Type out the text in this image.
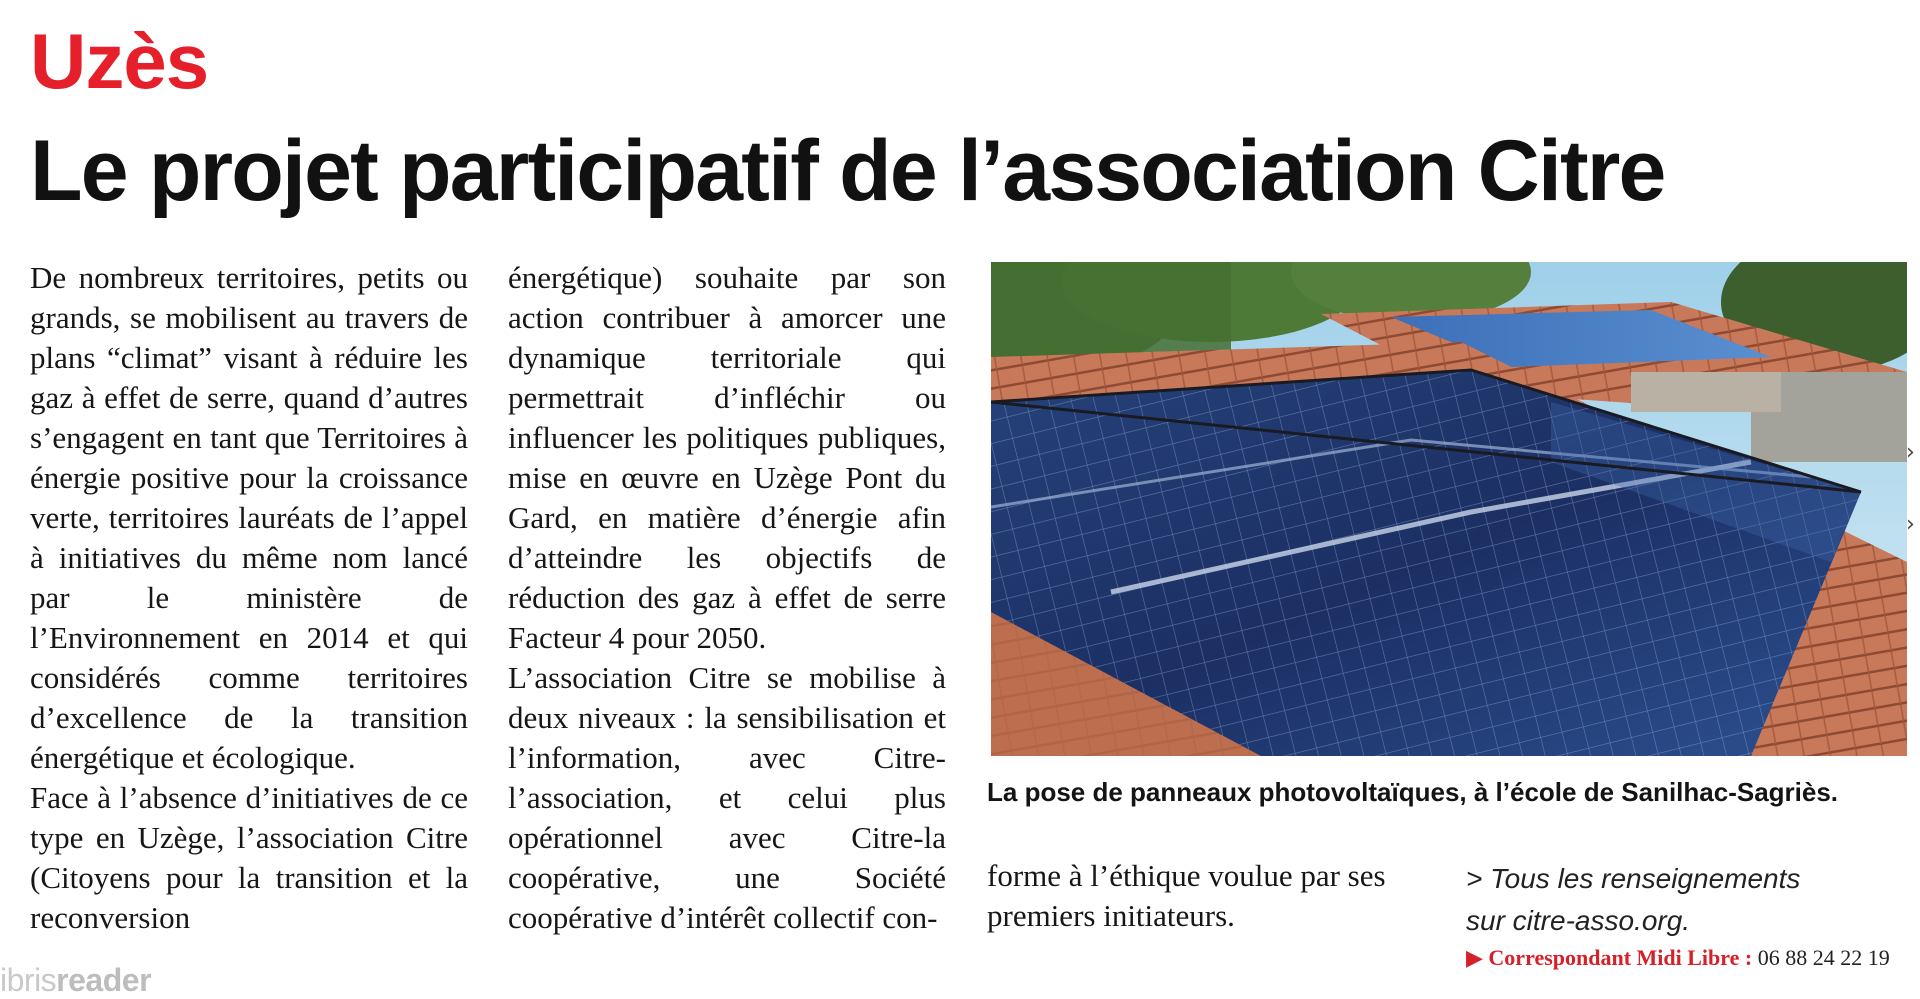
Uzès
Le projet participatif de l’association Citre

De nombreux territoires, petits ou grands, se mobilisent au travers de plans “climat” visant à réduire les gaz à effet de serre, quand d’autres s’engagent en tant que Territoires à énergie positive pour la croissance verte, territoires lauréats de l’appel à initiatives du même nom lancé par le ministère de l’Environnement en 2014 et qui considérés comme territoires d’excellence de la transition énergétique et écologique.

Face à l’absence d’initiatives de ce type en Uzège, l’association Citre (Citoyens pour la transition et la reconversion

énergétique) souhaite par son action contribuer à amorcer une dynamique territoriale qui permettrait d’infléchir ou influencer les politiques publiques, mise en œuvre en Uzège Pont du Gard, en matière d’énergie afin d’atteindre les objectifs de réduction des gaz à effet de serre Facteur 4 pour 2050.

L’association Citre se mobilise à deux niveaux : la sensibilisation et l’information, avec Citre-l’association, et celui plus opérationnel avec Citre-la coopérative, une Société coopérative d’intérêt collectif con-

La pose de panneaux photovoltaïques, à l’école de Sanilhac-Sagriès.

forme à l’éthique voulue par ses premiers initiateurs.

> Tous les renseignements

sur citre-asso.org.

▶ Correspondant Midi Libre : 06 88 24 22 19
ibrisreader
›
›
